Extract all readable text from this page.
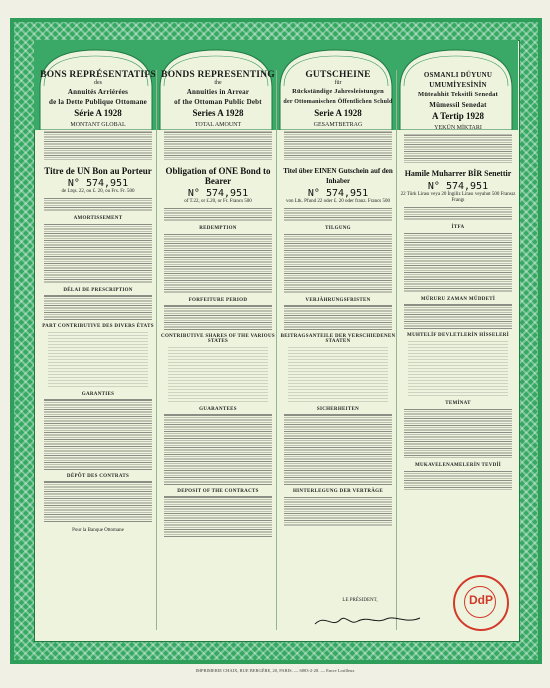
BONS REPRÉSENTATIFS
des
Annuités Arriérées
de la Dette Publique Ottomane
Série A 1928
MONTANT GLOBAL
Titre de UN Bon au Porteur
N° 574,951
de Ltqs. 22, ou £. 20, ou Frs. Fr. 500
AMORTISSEMENT
DÉLAI DE PRESCRIPTION
PART CONTRIBUTIVE DES DIVERS ÉTATS
GARANTIES
DÉPÔT DES CONTRATS
Pour la Banque Ottomane
BONDS REPRESENTING
the
Annuities in Arrear
of the Ottoman Public Debt
Series A 1928
TOTAL AMOUNT
Obligation of ONE Bond to Bearer
N° 574,951
of T.22, or £.20, or Fr. Francs 500
REDEMPTION
FORFEITURE PERIOD
CONTRIBUTIVE SHARES OF THE VARIOUS STATES
GUARANTEES
DEPOSIT OF THE CONTRACTS
GUTSCHEINE
für
Rückständige Jahresleistungen
der Ottomanischen Öffentlichen Schuld
Serie A 1928
GESAMTBETRAG
Titel über EINEN Gutschein auf den Inhaber
N° 574,951
von Ltk. Pfund 22 oder £. 20 oder franz. Francs 500
TILGUNG
VERJÄHRUNGSFRISTEN
BEITRAGSANTEILE DER VERSCHIEDENEN STAATEN
SICHERHEITEN
HINTERLEGUNG DER VERTRÄGE
OSMANLI DÜYUNU UMUMİYESİNİN
Müteahhit Teksitli Senedat
Mümessil Senedat
A Tertip 1928
YEKÜN MİKTARI
Hamile Muharrer BİR Senettir
N° 574,951
22 Türk Lirası veya 20 İngiliz Lirası veyahut 500 Fransız Frangı
İTFA
MÜRURU ZAMAN MÜDDETİ
MUHTELİF DEVLETLERİN HİSSELERİ
TEMİNAT
MUKAVELENAMELERİN TEVDİİ
LE PRÉSIDENT,	DdP
IMPRIMERIE CHAIX, RUE BERGÈRE, 20, PARIS. — 6883-2-28. — Encre Lorilleux
